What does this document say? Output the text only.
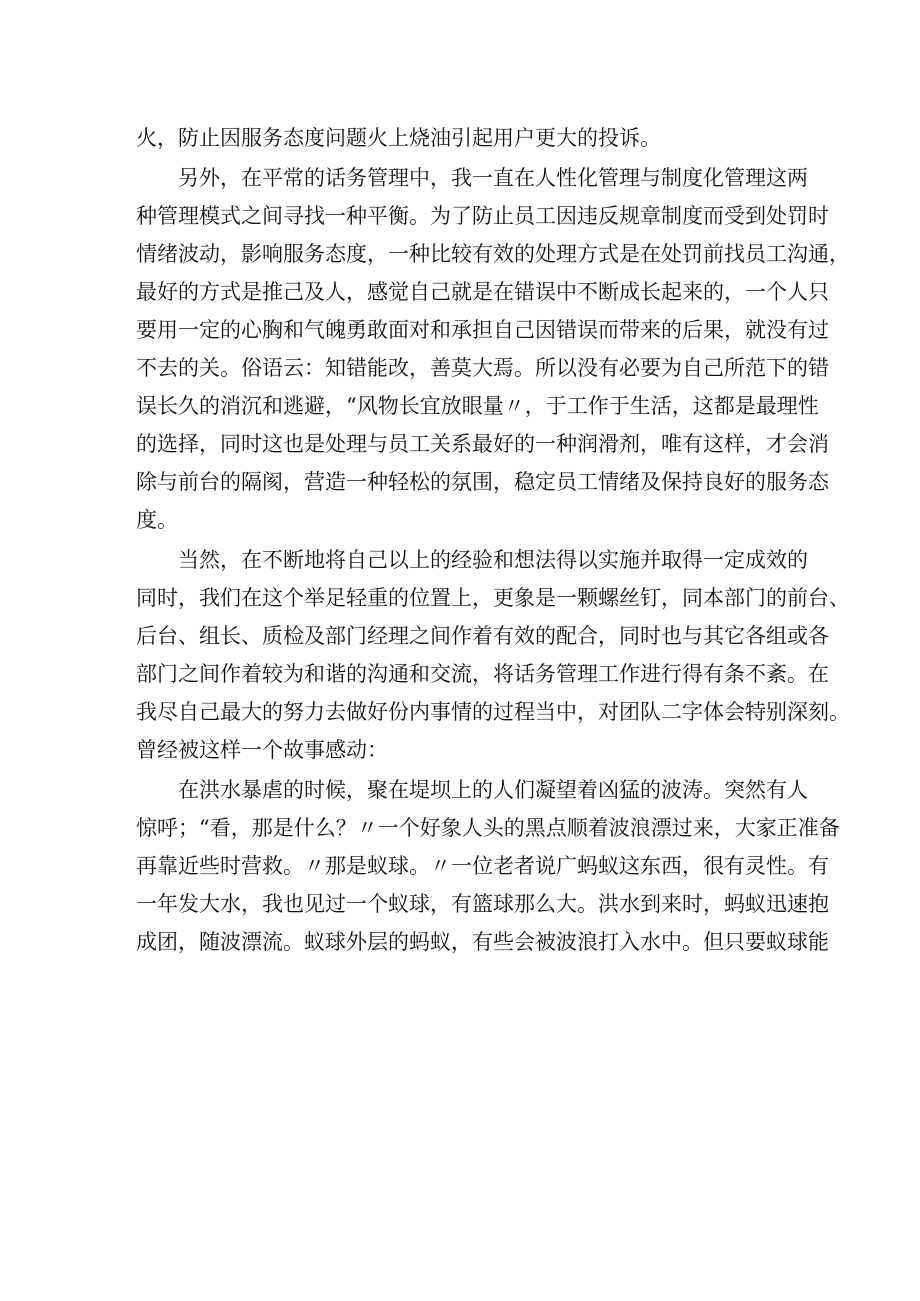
火，防止因服务态度问题火上烧油引起用户更大的投诉。
另外，在平常的话务管理中，我一直在人性化管理与制度化管理这两
种管理模式之间寻找一种平衡。为了防止员工因违反规章制度而受到处罚时
情绪波动，影响服务态度，一种比较有效的处理方式是在处罚前找员工沟通，
最好的方式是推己及人，感觉自己就是在错误中不断成长起来的，一个人只
要用一定的心胸和气魄勇敢面对和承担自己因错误而带来的后果，就没有过
不去的关。俗语云：知错能改，善莫大焉。所以没有必要为自己所范下的错
误长久的消沉和逃避，“风物长宜放眼量〃，于工作于生活，这都是最理性
的选择，同时这也是处理与员工关系最好的一种润滑剂，唯有这样，才会消
除与前台的隔阂，营造一种轻松的氛围，稳定员工情绪及保持良好的服务态
度。
当然，在不断地将自己以上的经验和想法得以实施并取得一定成效的
同时，我们在这个举足轻重的位置上，更象是一颗螺丝钉，同本部门的前台、
后台、组长、质检及部门经理之间作着有效的配合，同时也与其它各组或各
部门之间作着较为和谐的沟通和交流，将话务管理工作进行得有条不紊。在
我尽自己最大的努力去做好份内事情的过程当中，对团队二字体会特别深刻。
曾经被这样一个故事感动：
在洪水暴虐的时候，聚在堤坝上的人们凝望着凶猛的波涛。突然有人
惊呼；“看，那是什么？〃一个好象人头的黑点顺着波浪漂过来，大家正准备
再靠近些时营救。〃那是蚁球。〃一位老者说广蚂蚁这东西，很有灵性。有
一年发大水，我也见过一个蚁球，有篮球那么大。洪水到来时，蚂蚁迅速抱
成团，随波漂流。蚁球外层的蚂蚁，有些会被波浪打入水中。但只要蚁球能
